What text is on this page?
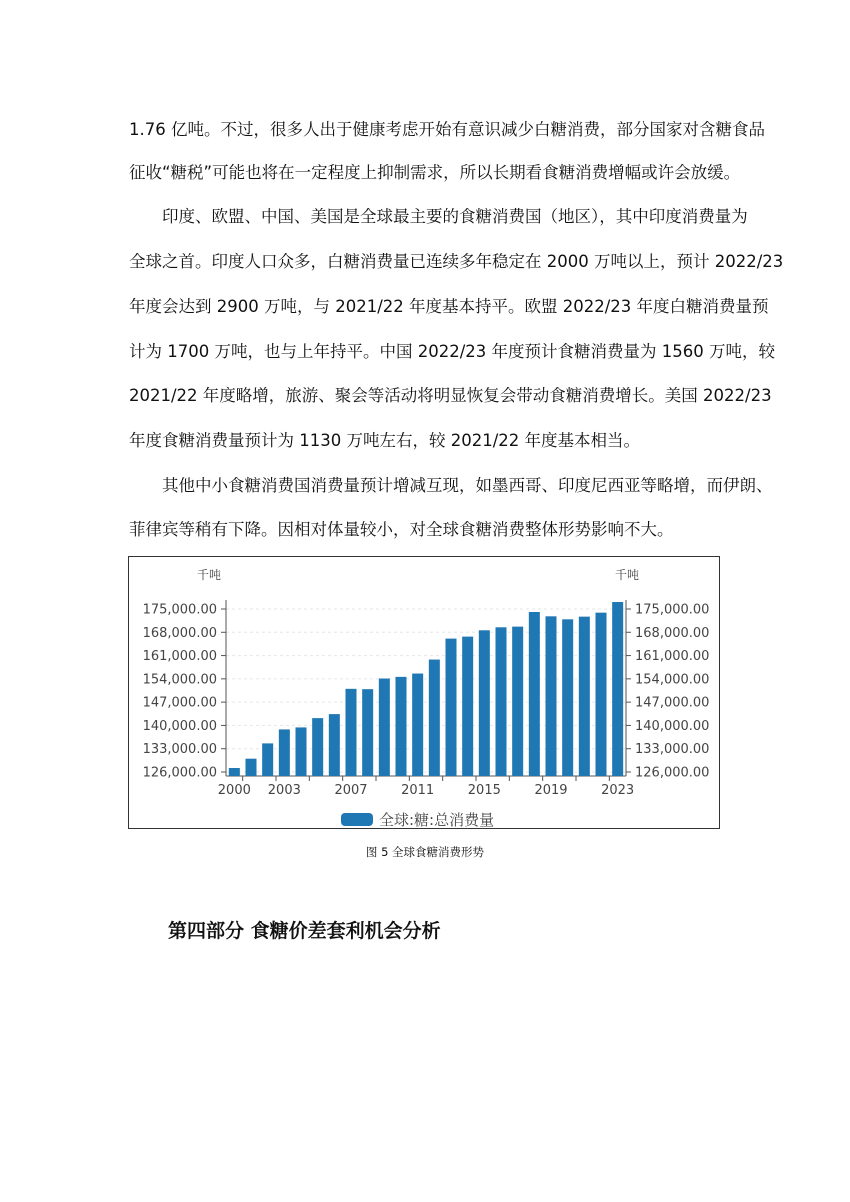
1.76 亿吨。不过，很多人出于健康考虑开始有意识减少白糖消费，部分国家对含糖食品
征收“糖税”可能也将在一定程度上抑制需求，所以长期看食糖消费增幅或许会放缓。
印度、欧盟、中国、美国是全球最主要的食糖消费国（地区），其中印度消费量为
全球之首。印度人口众多，白糖消费量已连续多年稳定在 2000 万吨以上，预计 2022/23
年度会达到 2900 万吨，与 2021/22 年度基本持平。欧盟 2022/23 年度白糖消费量预
计为 1700 万吨，也与上年持平。中国 2022/23 年度预计食糖消费量为 1560 万吨，较
2021/22 年度略增，旅游、聚会等活动将明显恢复会带动食糖消费增长。美国 2022/23
年度食糖消费量预计为 1130 万吨左右，较 2021/22 年度基本相当。
其他中小食糖消费国消费量预计增减互现，如墨西哥、印度尼西亚等略增，而伊朗、
菲律宾等稍有下降。因相对体量较小，对全球食糖消费整体形势影响不大。
126,000.00	126,000.00
133,000.00	133,000.00
140,000.00	140,000.00
147,000.00	147,000.00
154,000.00	154,000.00
161,000.00	161,000.00
168,000.00	168,000.00
175,000.00	175,000.00
千吨	千吨
2000 2003	2007	2011	2015	2019	2023
全球:糖:总消费量
图 5 全球食糖消费形势
第四部分 食糖价差套利机会分析
